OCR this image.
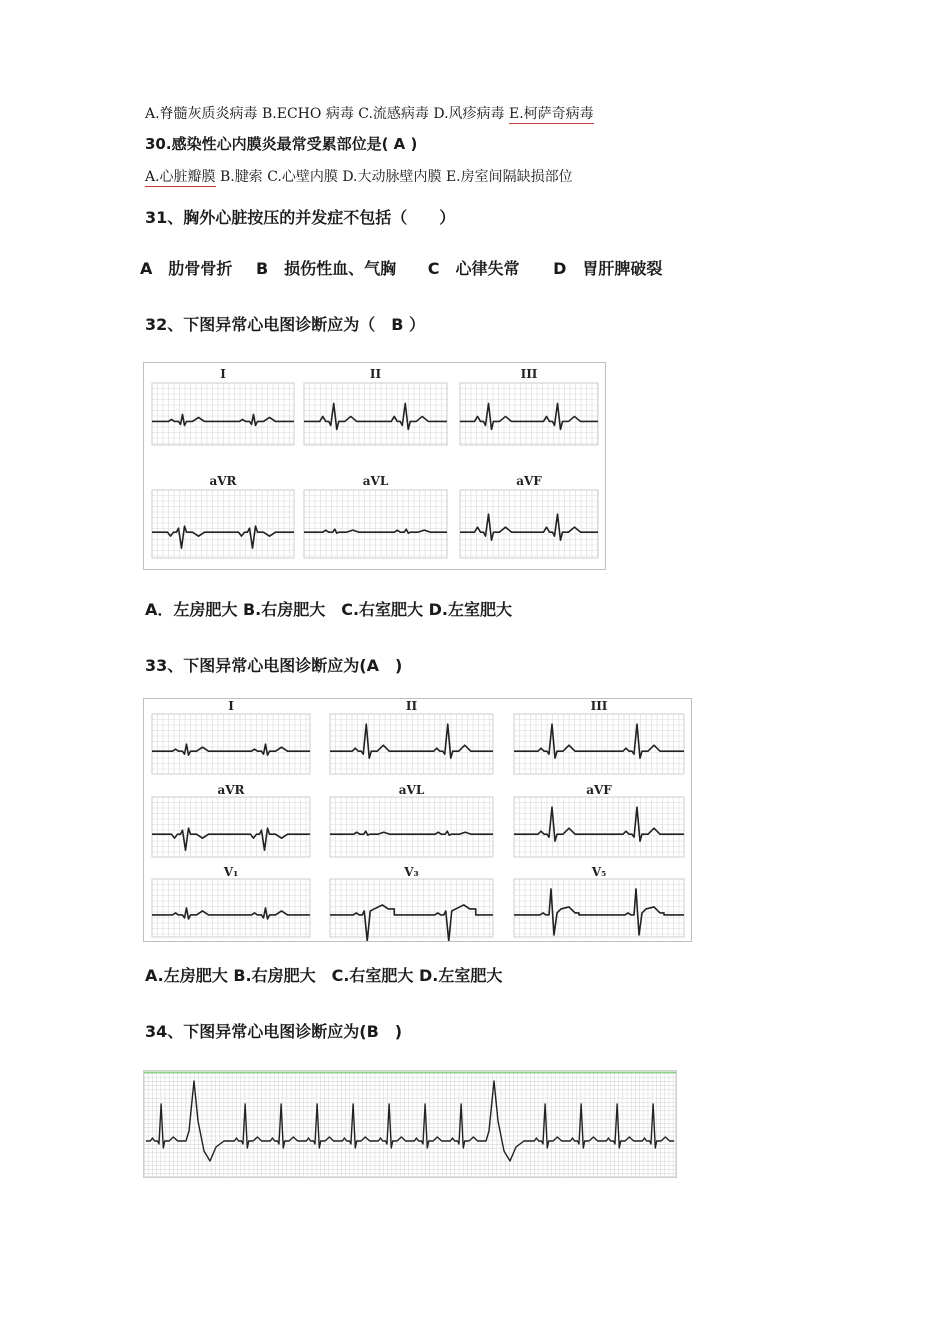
A.脊髓灰质炎病毒 B.ECHO 病毒 C.流感病毒 D.风疹病毒 E.柯萨奇病毒
30.感染性心内膜炎最常受累部位是( A )
A.心脏瓣膜 B.腱索 C.心壁内膜 D.大动脉壁内膜 E.房室间隔缺损部位
31、胸外心脏按压的并发症不包括（　　）
A　肋骨骨折 B　损伤性血、气胸 C　心律失常 D　胃肝脾破裂
32、下图异常心电图诊断应为（　B ）
I	II	III
aVR	aVL	aVF
A．左房肥大 B.右房肥大　C.右室肥大 D.左室肥大
33、下图异常心电图诊断应为(A　)
I	II	III
aVR	aVL	aVF
V₁	V₃	V₅
A.左房肥大 B.右房肥大　C.右室肥大 D.左室肥大
34、下图异常心电图诊断应为(B　)
